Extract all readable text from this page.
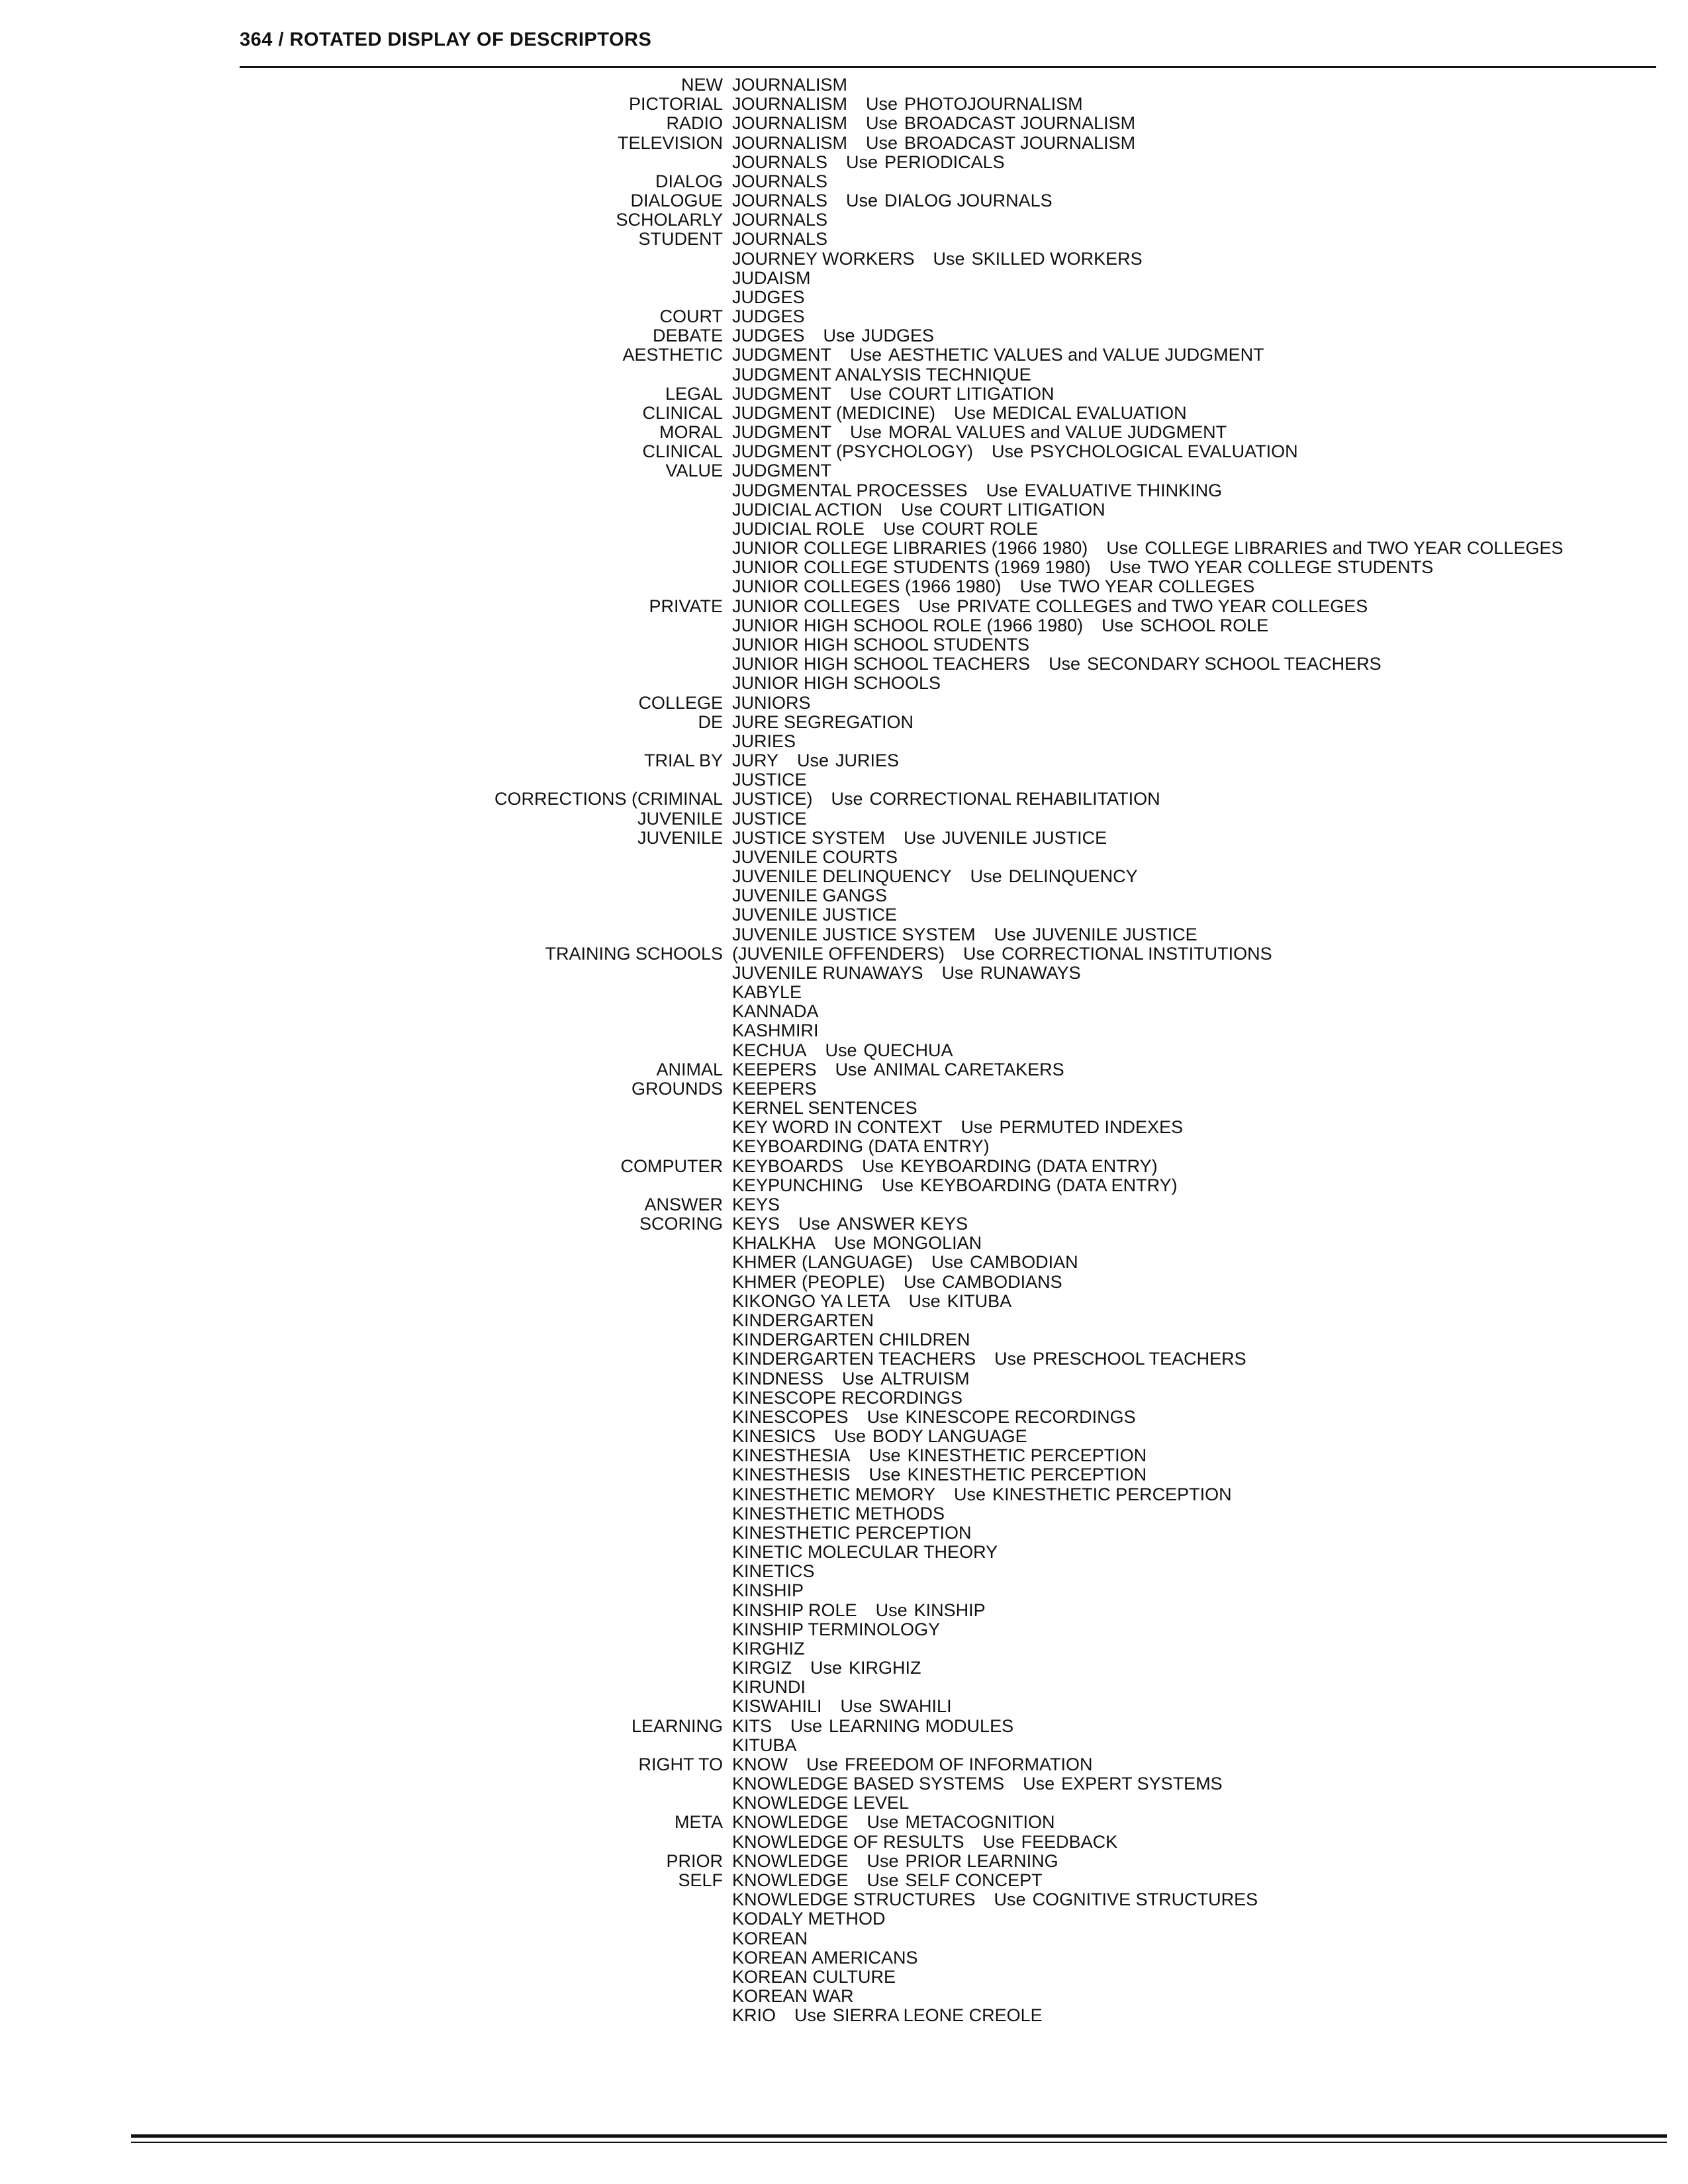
364 / ROTATED DISPLAY OF DESCRIPTORS
NEW JOURNALISM
PICTORIAL JOURNALISM Use PHOTOJOURNALISM
RADIO JOURNALISM Use BROADCAST JOURNALISM
TELEVISION JOURNALISM Use BROADCAST JOURNALISM
JOURNALS Use PERIODICALS
DIALOG JOURNALS
DIALOGUE JOURNALS Use DIALOG JOURNALS
SCHOLARLY JOURNALS
STUDENT JOURNALS
JOURNEY WORKERS Use SKILLED WORKERS
JUDAISM
JUDGES
COURT JUDGES
DEBATE JUDGES Use JUDGES
AESTHETIC JUDGMENT Use AESTHETIC VALUES and VALUE JUDGMENT
JUDGMENT ANALYSIS TECHNIQUE
LEGAL JUDGMENT Use COURT LITIGATION
CLINICAL JUDGMENT (MEDICINE) Use MEDICAL EVALUATION
MORAL JUDGMENT Use MORAL VALUES and VALUE JUDGMENT
CLINICAL JUDGMENT (PSYCHOLOGY) Use PSYCHOLOGICAL EVALUATION
VALUE JUDGMENT
JUDGMENTAL PROCESSES Use EVALUATIVE THINKING
JUDICIAL ACTION Use COURT LITIGATION
JUDICIAL ROLE Use COURT ROLE
JUNIOR COLLEGE LIBRARIES (1966 1980) Use COLLEGE LIBRARIES and TWO YEAR COLLEGES
JUNIOR COLLEGE STUDENTS (1969 1980) Use TWO YEAR COLLEGE STUDENTS
JUNIOR COLLEGES (1966 1980) Use TWO YEAR COLLEGES
PRIVATE JUNIOR COLLEGES Use PRIVATE COLLEGES and TWO YEAR COLLEGES
JUNIOR HIGH SCHOOL ROLE (1966 1980) Use SCHOOL ROLE
JUNIOR HIGH SCHOOL STUDENTS
JUNIOR HIGH SCHOOL TEACHERS Use SECONDARY SCHOOL TEACHERS
JUNIOR HIGH SCHOOLS
COLLEGE JUNIORS
DE JURE SEGREGATION
JURIES
TRIAL BY JURY Use JURIES
JUSTICE
CORRECTIONS (CRIMINAL JUSTICE) Use CORRECTIONAL REHABILITATION
JUVENILE JUSTICE
JUVENILE JUSTICE SYSTEM Use JUVENILE JUSTICE
JUVENILE COURTS
JUVENILE DELINQUENCY Use DELINQUENCY
JUVENILE GANGS
JUVENILE JUSTICE
JUVENILE JUSTICE SYSTEM Use JUVENILE JUSTICE
TRAINING SCHOOLS (JUVENILE OFFENDERS) Use CORRECTIONAL INSTITUTIONS
JUVENILE RUNAWAYS Use RUNAWAYS
KABYLE
KANNADA
KASHMIRI
KECHUA Use QUECHUA
ANIMAL KEEPERS Use ANIMAL CARETAKERS
GROUNDS KEEPERS
KERNEL SENTENCES
KEY WORD IN CONTEXT Use PERMUTED INDEXES
KEYBOARDING (DATA ENTRY)
COMPUTER KEYBOARDS Use KEYBOARDING (DATA ENTRY)
KEYPUNCHING Use KEYBOARDING (DATA ENTRY)
ANSWER KEYS
SCORING KEYS Use ANSWER KEYS
KHALKHA Use MONGOLIAN
KHMER (LANGUAGE) Use CAMBODIAN
KHMER (PEOPLE) Use CAMBODIANS
KIKONGO YA LETA Use KITUBA
KINDERGARTEN
KINDERGARTEN CHILDREN
KINDERGARTEN TEACHERS Use PRESCHOOL TEACHERS
KINDNESS Use ALTRUISM
KINESCOPE RECORDINGS
KINESCOPES Use KINESCOPE RECORDINGS
KINESICS Use BODY LANGUAGE
KINESTHESIA Use KINESTHETIC PERCEPTION
KINESTHESIS Use KINESTHETIC PERCEPTION
KINESTHETIC MEMORY Use KINESTHETIC PERCEPTION
KINESTHETIC METHODS
KINESTHETIC PERCEPTION
KINETIC MOLECULAR THEORY
KINETICS
KINSHIP
KINSHIP ROLE Use KINSHIP
KINSHIP TERMINOLOGY
KIRGHIZ
KIRGIZ Use KIRGHIZ
KIRUNDI
KISWAHILI Use SWAHILI
LEARNING KITS Use LEARNING MODULES
KITUBA
RIGHT TO KNOW Use FREEDOM OF INFORMATION
KNOWLEDGE BASED SYSTEMS Use EXPERT SYSTEMS
KNOWLEDGE LEVEL
META KNOWLEDGE Use METACOGNITION
KNOWLEDGE OF RESULTS Use FEEDBACK
PRIOR KNOWLEDGE Use PRIOR LEARNING
SELF KNOWLEDGE Use SELF CONCEPT
KNOWLEDGE STRUCTURES Use COGNITIVE STRUCTURES
KODALY METHOD
KOREAN
KOREAN AMERICANS
KOREAN CULTURE
KOREAN WAR
KRIO Use SIERRA LEONE CREOLE
